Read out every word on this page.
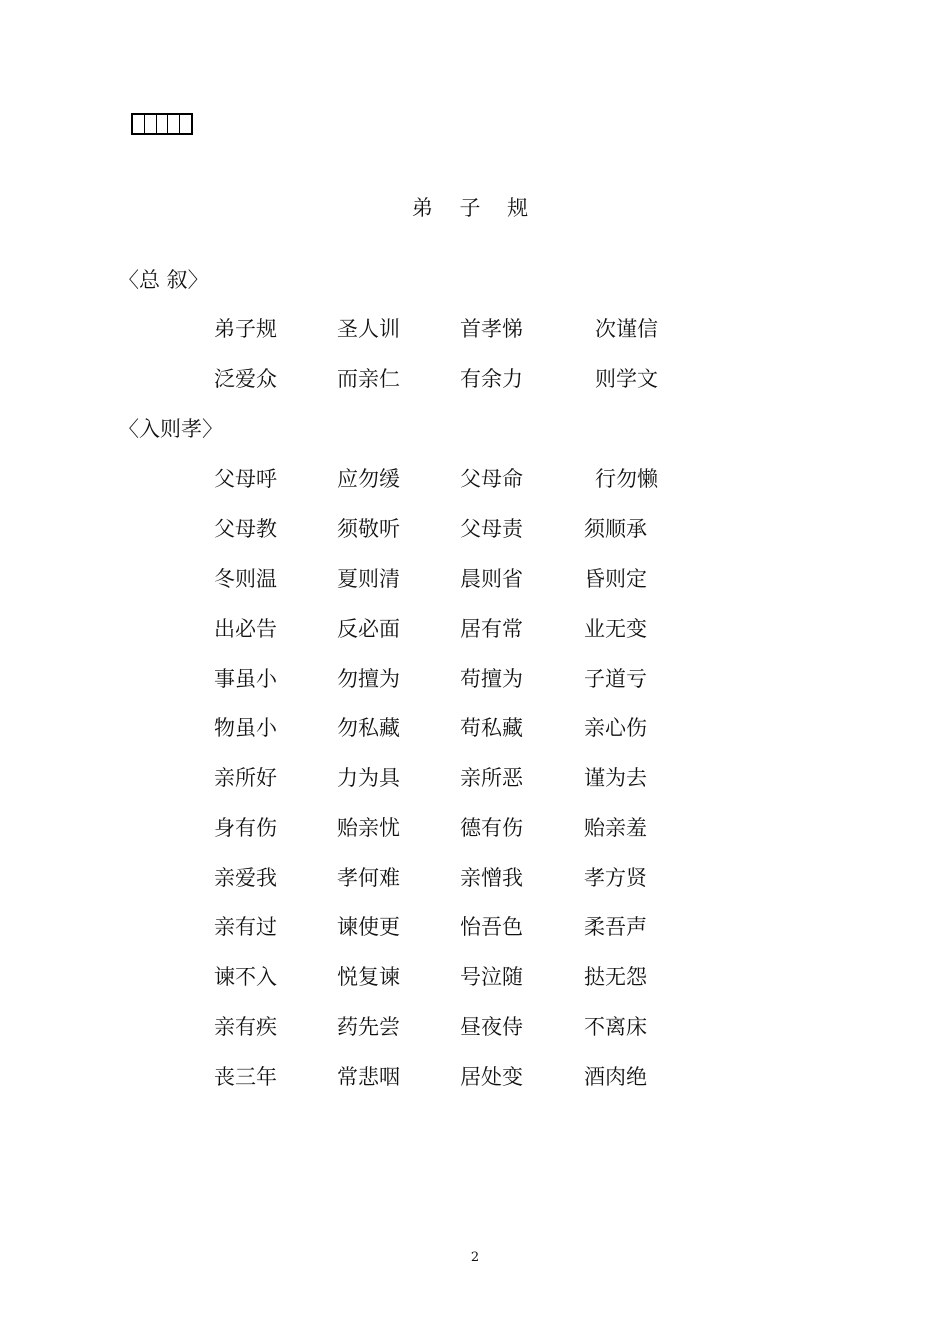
弟 子 规
〈总 叙〉
弟子规	圣人训	首孝悌	次谨信
泛爱众	而亲仁	有余力	则学文
〈入则孝〉
父母呼	应勿缓	父母命	行勿懒
父母教	须敬听	父母责	须顺承
冬则温	夏则清	晨则省	昏则定
出必告	反必面	居有常	业无变
事虽小	勿擅为	苟擅为	子道亏
物虽小	勿私藏	苟私藏	亲心伤
亲所好	力为具	亲所恶	谨为去
身有伤	贻亲忧	德有伤	贻亲羞
亲爱我	孝何难	亲憎我	孝方贤
亲有过	谏使更	怡吾色	柔吾声
谏不入	悦复谏	号泣随	挞无怨
亲有疾	药先尝	昼夜侍	不离床
丧三年	常悲咽	居处变	酒肉绝
2
